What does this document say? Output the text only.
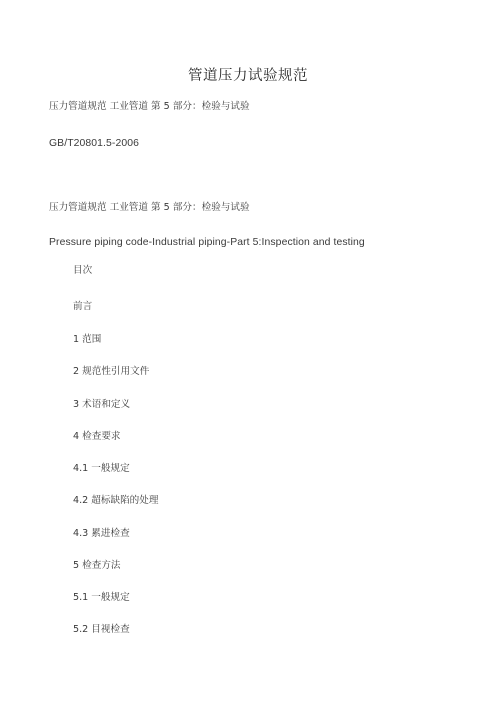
管道压力试验规范
压力管道规范 工业管道 第 5 部分：检验与试验
GB/T20801.5-2006
压力管道规范 工业管道 第 5 部分：检验与试验
Pressure piping code-Industrial piping-Part 5:Inspection and testing
目次
前言
1 范围
2 规范性引用文件
3 术语和定义
4 检查要求
4.1 一般规定
4.2 超标缺陷的处理
4.3 累进检查
5 检查方法
5.1 一般规定
5.2 目视检查
